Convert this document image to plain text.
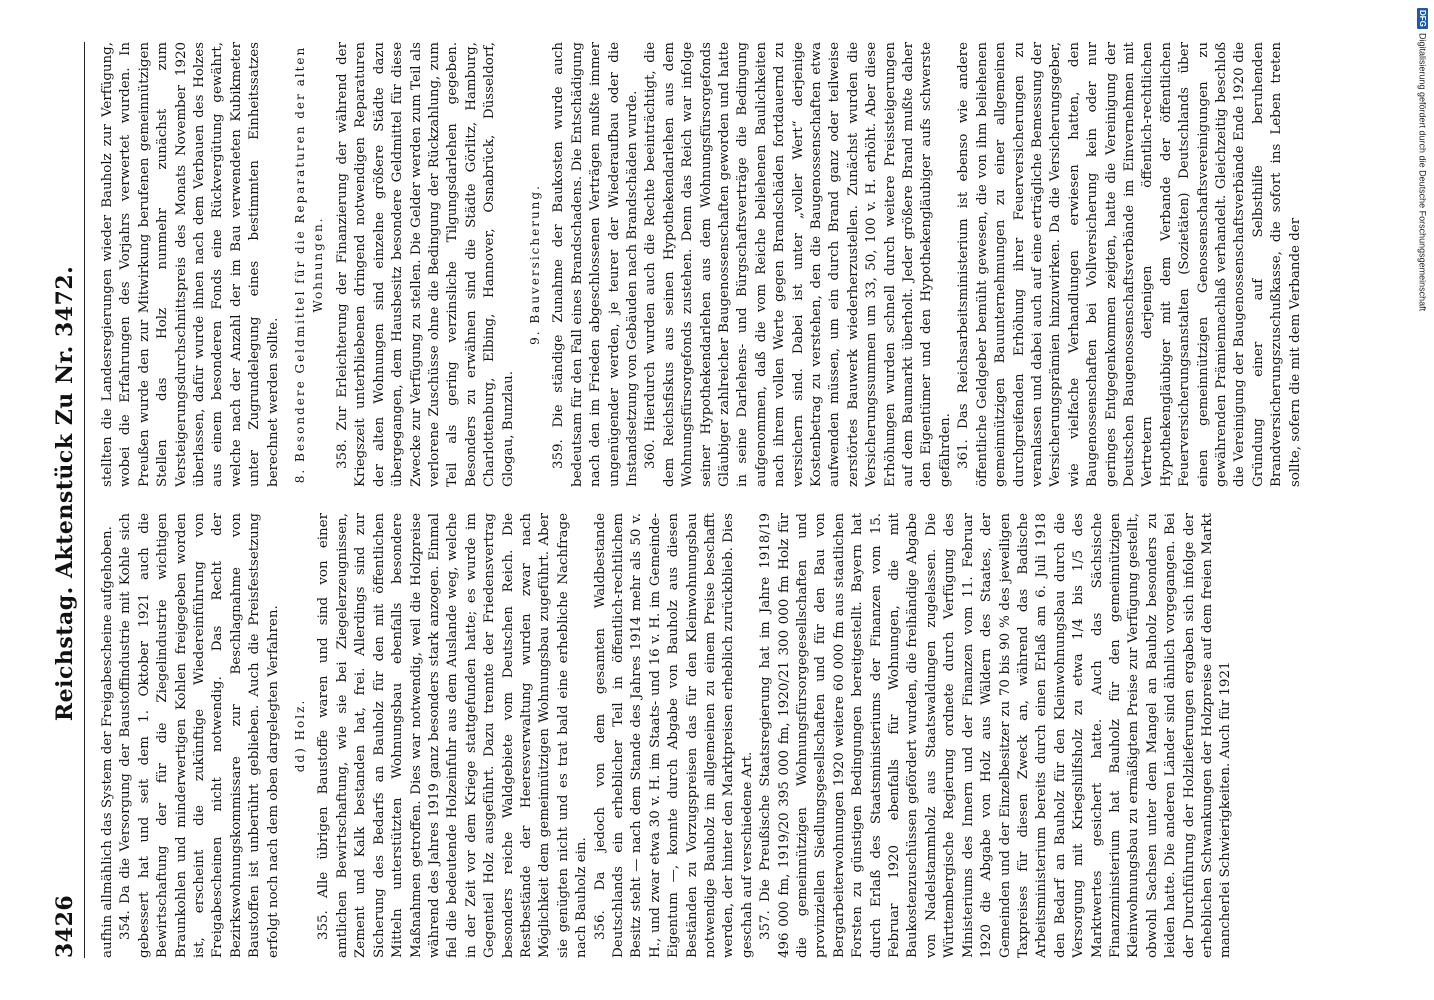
DFG
Digitalisierung gefördert durch die Deutsche Forschungsgemeinschaft
3426
Reichstag. Aktenstück Zu Nr. 3472.

aufhin allmählich das System der Freigabescheine aufgehoben. 354. Da die Versorgung der Baustoffindustrie mit Kohle sich gebessert hat und seit dem 1. Oktober 1921 auch die Bewirtschaftung der für die Ziegelindustrie wichtigen Braunkohlen und minderwertigen Kohlen freigegeben worden ist, erscheint die zukünftige Wiedereinführung von Freigabescheinen nicht notwendig. Das Recht der Bezirkswohnungskommissare zur Beschlagnahme von Baustoffen ist unberührt geblieben. Auch die Preisfestsetzung erfolgt noch nach dem oben dargelegten Verfahren. dd) Holz. 355. Alle übrigen Baustoffe waren und sind von einer amtlichen Bewirtschaftung, wie sie bei Ziegelerzeugnissen, Zement und Kalk bestanden hat, frei. Allerdings sind zur Sicherung des Bedarfs an Bauholz für den mit öffentlichen Mitteln unterstützten Wohnungsbau ebenfalls besondere Maßnahmen getroffen. Dies war notwendig, weil die Holzpreise während des Jahres 1919 ganz besonders stark anzogen. Einmal fiel die bedeutende Holzeinfuhr aus dem Auslande weg, welche in der Zeit vor dem Kriege stattgefunden hatte; es wurde im Gegenteil Holz ausgeführt. Dazu trennte der Friedensvertrag besonders reiche Waldgebiete vom Deutschen Reich. Die Restbestände der Heeresverwaltung wurden zwar nach Möglichkeit dem gemeinnützigen Wohnungsbau zugeführt. Aber sie genügten nicht und es trat bald eine erhebliche Nachfrage nach Bauholz ein. 356. Da jedoch von dem gesamten Waldbestande Deutschlands ein erheblicher Teil in öffentlich-rechtlichem Besitz steht — nach dem Stande des Jahres 1914 mehr als 50 v. H., und zwar etwa 30 v. H. im Staats- und 16 v. H. im Gemeinde-Eigentum —, konnte durch Abgabe von Bauholz aus diesen Beständen zu Vorzugspreisen das für den Kleinwohnungsbau notwendige Bauholz im allgemeinen zu einem Preise beschafft werden, der hinter den Marktpreisen erheblich zurückblieb. Dies geschah auf verschiedene Art. 357. Die Preußische Staatsregierung hat im Jahre 1918/19 496 000 fm, 1919/20 395 000 fm, 1920/21 300 000 fm Holz für die gemeinnützigen Wohnungsfürsorgegesellschaften und provinziellen Siedlungsgesellschaften und für den Bau von Bergarbeiterwohnungen 1920 weitere 60 000 fm aus staatlichen Forsten zu günstigen Bedingungen bereitgestellt. Bayern hat durch Erlaß des Staatsministeriums der Finanzen vom 15. Februar 1920 ebenfalls für Wohnungen, die mit Baukostenzuschüssen gefördert wurden, die freihändige Abgabe von Nadelstammholz aus Staatswaldungen zugelassen. Die Württembergische Regierung ordnete durch Verfügung des Ministeriums des Innern und der Finanzen vom 11. Februar 1920 die Abgabe von Holz aus Wäldern des Staates, der Gemeinden und der Einzelbesitzer zu 70 bis 90 % des jeweiligen Taxpreises für diesen Zweck an, während das Badische Arbeitsministerium bereits durch einen Erlaß am 6. Juli 1918 den Bedarf an Bauholz für den Kleinwohnungsbau durch die Versorgung mit Kriegshilfsholz zu etwa 1/4 bis 1/5 des Marktwertes gesichert hatte. Auch das Sächsische Finanzministerium hat Bauholz für den gemeinnützigen Kleinwohnungsbau zu ermäßigtem Preise zur Verfügung gestellt, obwohl Sachsen unter dem Mangel an Bauholz besonders zu leiden hatte. Die anderen Länder sind ähnlich vorgegangen. Bei der Durchführung der Holzlieferungen ergaben sich infolge der erheblichen Schwankungen der Holzpreise auf dem freien Markt mancherlei Schwierigkeiten. Auch für 1921

stellten die Landesregierungen wieder Bauholz zur Verfügung, wobei die Erfahrungen des Vorjahrs verwertet wurden. In Preußen wurde den zur Mitwirkung berufenen gemeinnützigen Stellen das Holz nunmehr zunächst zum Versteigerungsdurchschnittspreis des Monats November 1920 überlassen, dafür wurde ihnen nach dem Verbauen des Holzes aus einem besonderen Fonds eine Rückvergütung gewährt, welche nach der Anzahl der im Bau verwendeten Kubikmeter unter Zugrundelegung eines bestimmten Einheitssatzes berechnet werden sollte. 8. Besondere Geldmittel für die Reparaturen der alten Wohnungen. 358. Zur Erleichterung der Finanzierung der während der Kriegszeit unterbliebenen dringend notwendigen Reparaturen der alten Wohnungen sind einzelne größere Städte dazu übergegangen, dem Hausbesitz besondere Geldmittel für diese Zwecke zur Verfügung zu stellen. Die Gelder werden zum Teil als verlorene Zuschüsse ohne die Bedingung der Rückzahlung, zum Teil als gering verzinsliche Tilgungsdarlehen gegeben. Besonders zu erwähnen sind die Städte Görlitz, Hamburg, Charlottenburg, Elbing, Hannover, Osnabrück, Düsseldorf, Glogau, Bunzlau.

9. Bauversicherung. 359. Die ständige Zunahme der Baukosten wurde auch bedeutsam für den Fall eines Brandschadens. Die Entschädigung nach den im Frieden abgeschlossenen Verträgen mußte immer ungenügender werden, je teurer der Wiederaufbau oder die Instandsetzung von Gebäuden nach Brandschäden wurde. 360. Hierdurch wurden auch die Rechte beeinträchtigt, die dem Reichsfiskus aus seinen Hypothekendarlehen aus dem Wohnungsfürsorgefonds zustehen. Denn das Reich war infolge seiner Hypothekendarlehen aus dem Wohnungsfürsorgefonds Gläubiger zahlreicher Baugenossenschaften geworden und hatte in seine Darlehens- und Bürgschaftsverträge die Bedingung aufgenommen, daß die vom Reiche beliehenen Baulichkeiten nach ihrem vollen Werte gegen Brandschäden fortdauernd zu versichern sind. Dabei ist unter „voller Wert“ derjenige Kostenbetrag zu verstehen, den die Baugenossenschaften etwa aufwenden müssen, um ein durch Brand ganz oder teilweise zerstörtes Bauwerk wiederherzustellen. Zunächst wurden die Versicherungssummen um 33, 50, 100 v. H. erhöht. Aber diese Erhöhungen wurden schnell durch weitere Preissteigerungen auf dem Baumarkt überholt. Jeder größere Brand mußte daher den Eigentümer und den Hypothekengläubiger aufs schwerste gefährden. 361. Das Reichsarbeitsministerium ist ebenso wie andere öffentliche Geldgeber bemüht gewesen, die von ihm beliehenen gemeinnützigen Bauunternehmungen zu einer allgemeinen durchgreifenden Erhöhung ihrer Feuerversicherungen zu veranlassen und dabei auch auf eine erträgliche Bemessung der Versicherungsprämien hinzuwirken. Da die Versicherungsgeber, wie vielfache Verhandlungen erwiesen hatten, den Baugenossenschaften bei Vollversicherung kein oder nur geringes Entgegenkommen zeigten, hatte die Vereinigung der Deutschen Baugenossenschaftsverbände im Einvernehmen mit Vertretern derjenigen öffentlich-rechtlichen Hypothekengläubiger mit dem Verbande der öffentlichen Feuerversicherungsanstalten (Sozietäten) Deutschlands über einen gemeinnützigen Genossenschaftsvereinigungen zu gewährenden Prämiennachlaß verhandelt. Gleichzeitig beschloß die Vereinigung der Baugenossenschaftsverbände Ende 1920 die Gründung einer auf Selbsthilfe beruhenden Brandversicherungszuschußkasse, die sofort ins Leben treten sollte, sofern die mit dem Verbande der
